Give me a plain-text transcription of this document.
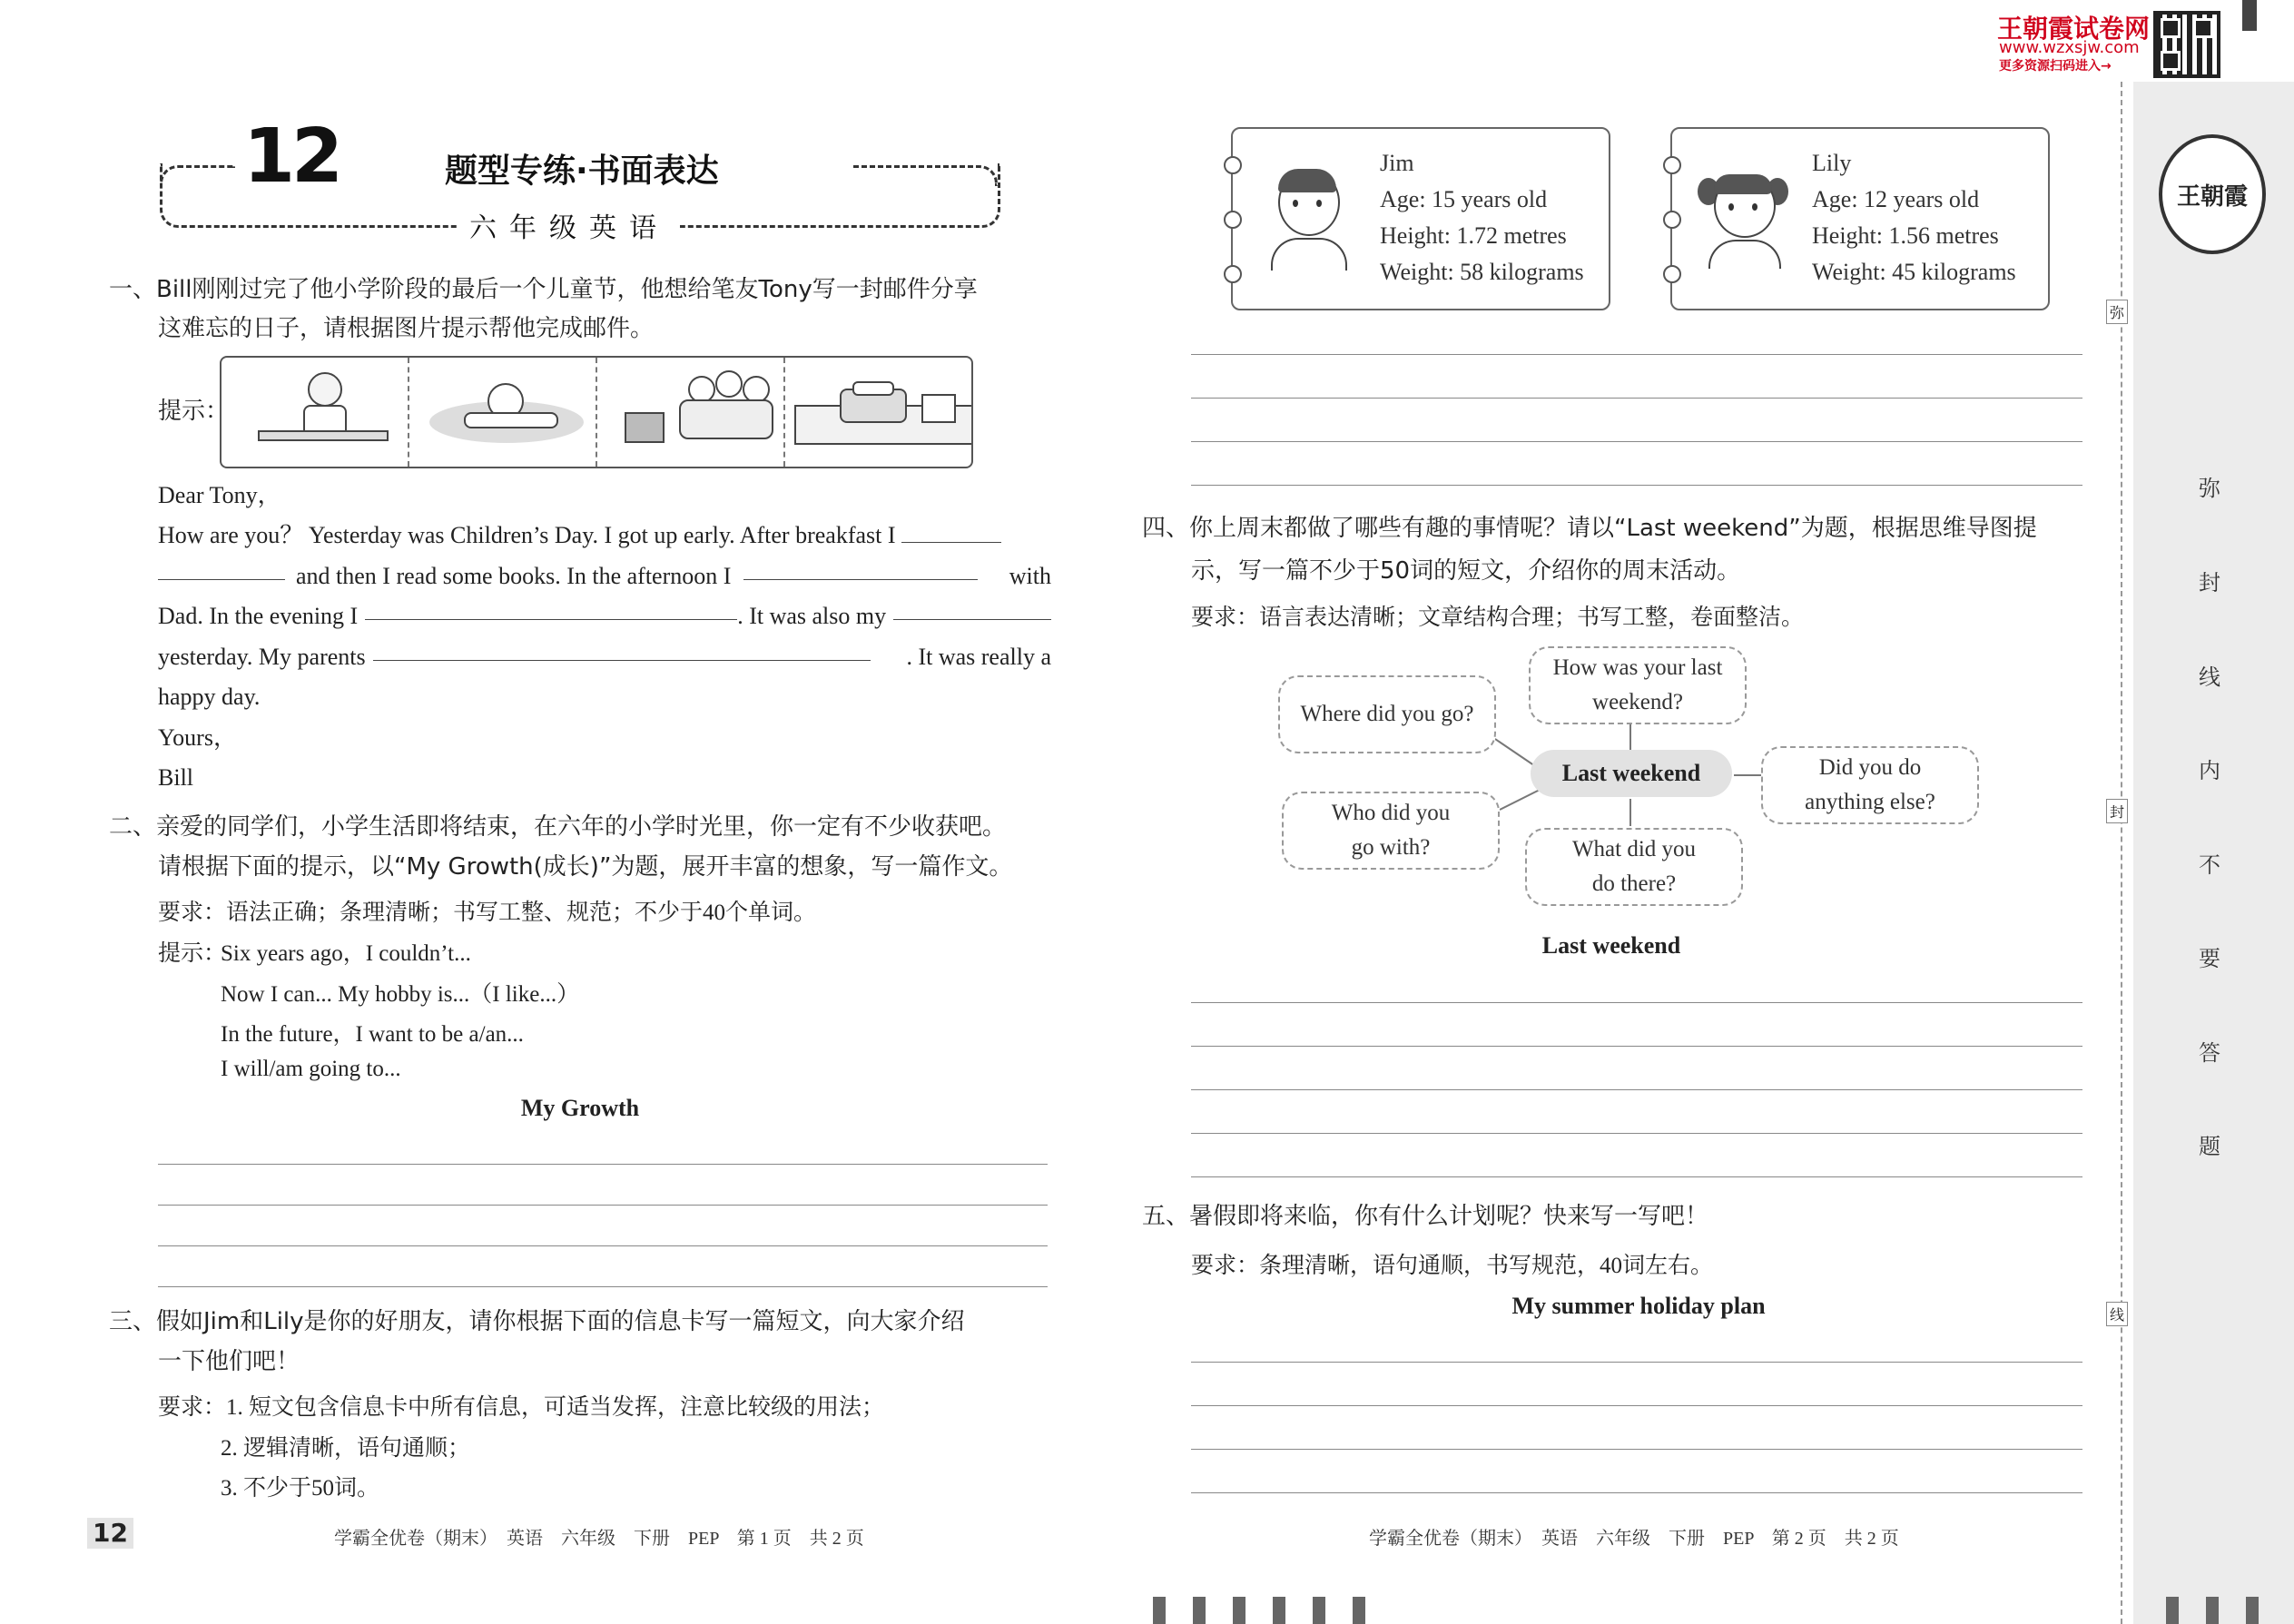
12	题型专练·书面表达
六年级英语
王朝霞试卷网
www.wzxsjw.com
更多资源扫码进入→
王朝霞
弥
封
线
内
不
要
答
题
弥
封
线
一、Bill刚刚过完了他小学阶段的最后一个儿童节，他想给笔友Tony写一封邮件分享
这难忘的日子，请根据图片提示帮他完成邮件。
提示：
Dear Tony，
How are you？ Yesterday was Children’s Day. I got up early. After breakfast I
and then I read some books. In the afternoon I	with
Dad. In the evening I	. It was also my
yesterday. My parents	. It was really a
happy day.
Yours，
Bill
二、亲爱的同学们，小学生活即将结束，在六年的小学时光里，你一定有不少收获吧。
请根据下面的提示，以“My Growth(成长)”为题，展开丰富的想象，写一篇作文。
要求：语法正确；条理清晰；书写工整、规范；不少于40个单词。
提示：
Six years ago，I couldn’t...
Now I can... My hobby is...（I like...）
In the future，I want to be a/an...
I will/am going to...
My Growth
三、假如Jim和Lily是你的好朋友，请你根据下面的信息卡写一篇短文，向大家介绍
一下他们吧！
要求：1. 短文包含信息卡中所有信息，可适当发挥，注意比较级的用法；
2. 逻辑清晰，语句通顺；
3. 不少于50词。
12	学霸全优卷（期末）　英语　六年级　下册　PEP　第 1 页　共 2 页
Jim
Age: 15 years old
Height: 1.72 metres
Weight: 58 kilograms
Lily
Age: 12 years old
Height: 1.56 metres
Weight: 45 kilograms
四、你上周末都做了哪些有趣的事情呢？请以“Last weekend”为题，根据思维导图提
示，写一篇不少于50词的短文，介绍你的周末活动。
要求：语言表达清晰；文章结构合理；书写工整，卷面整洁。
How was your last
weekend?
Where did you go?
Last weekend	Did you do
anything else?
Who did you
go with?	What did you
do there?
Last weekend
五、暑假即将来临，你有什么计划呢？快来写一写吧！
要求：条理清晰，语句通顺，书写规范，40词左右。
My summer holiday plan
学霸全优卷（期末）　英语　六年级　下册　PEP　第 2 页　共 2 页
